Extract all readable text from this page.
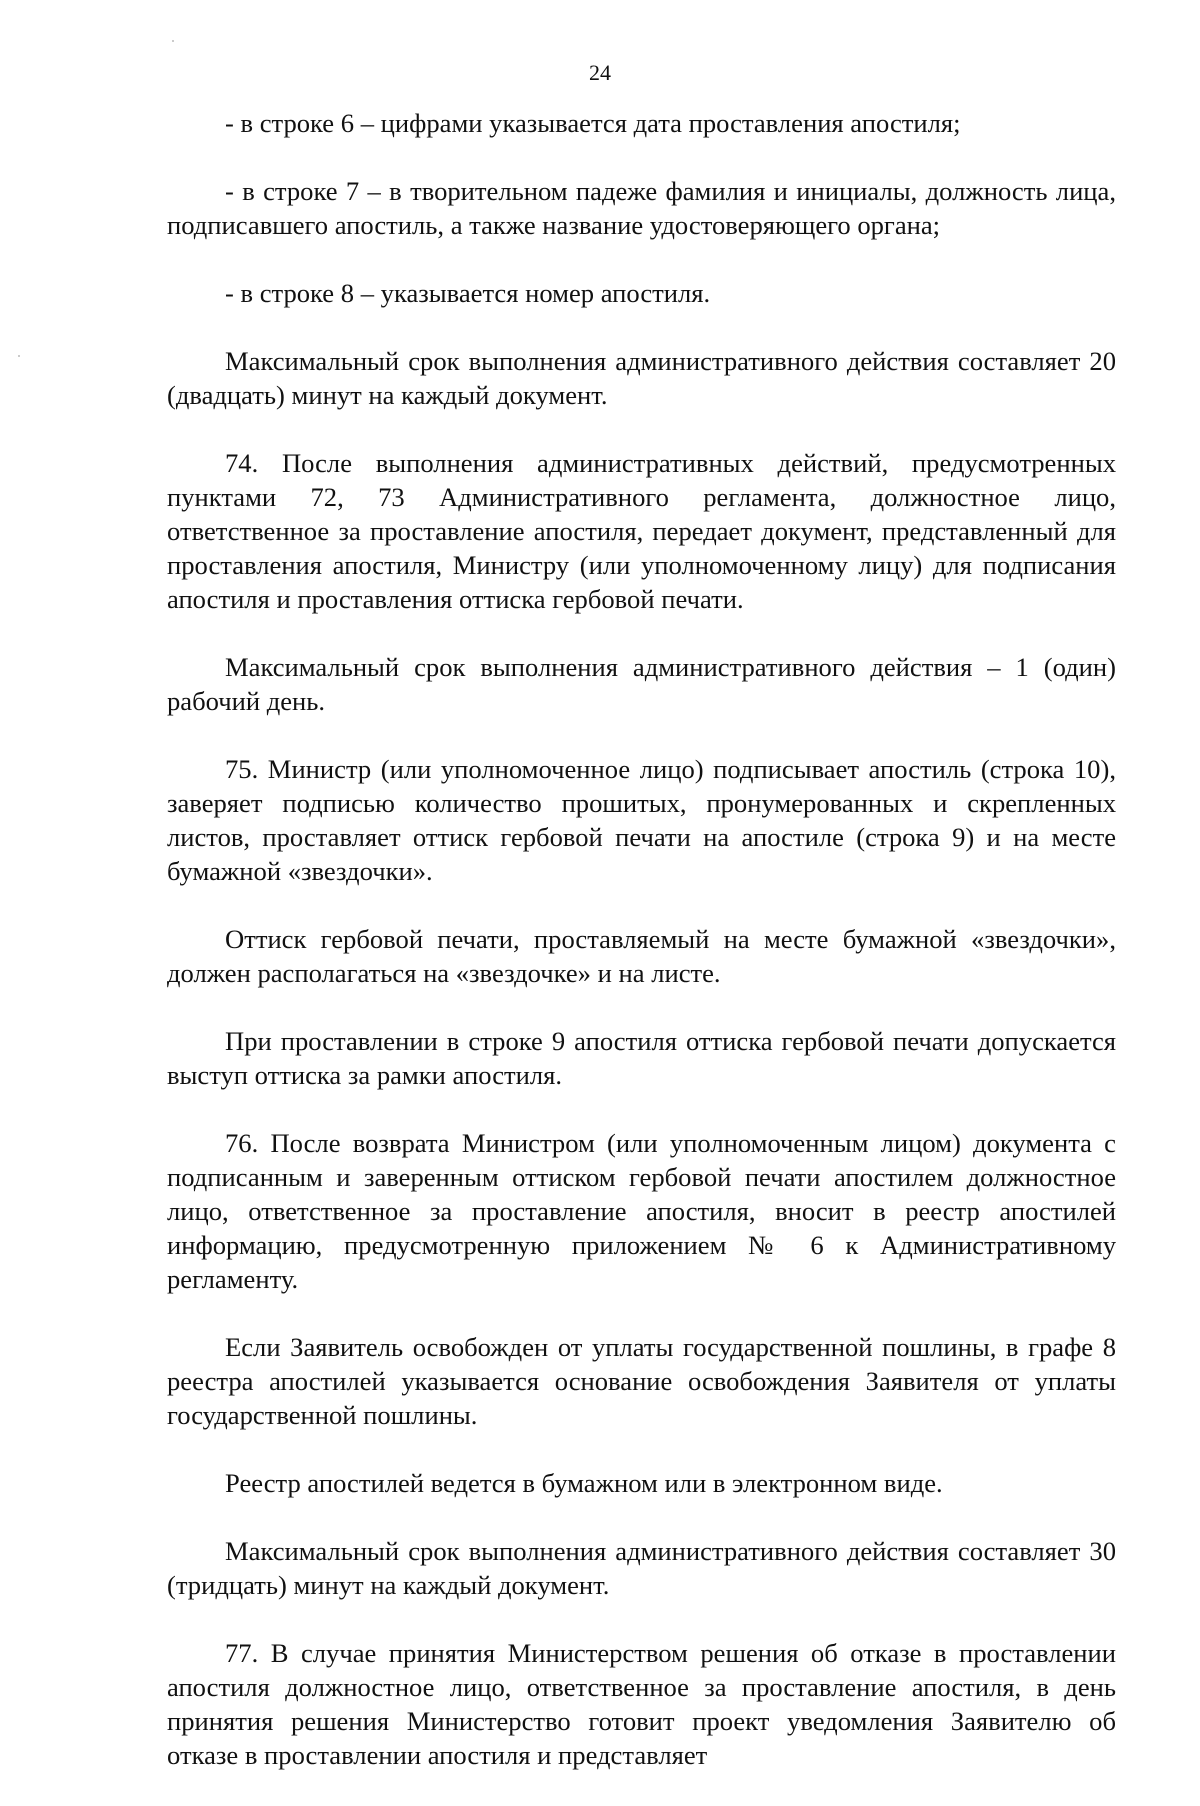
24

- в строке 6 – цифрами указывается дата проставления апостиля;

- в строке 7 – в творительном падеже фамилия и инициалы, должность лица, подписавшего апостиль, а также название удостоверяющего органа;

- в строке 8 – указывается номер апостиля.

Максимальный срок выполнения административного действия составляет 20 (двадцать) минут на каждый документ.

74. После выполнения административных действий, предусмотренных пунктами 72, 73 Административного регламента, должностное лицо, ответственное за проставление апостиля, передает документ, представленный для проставления апостиля, Министру (или уполномоченному лицу) для подписания апостиля и проставления оттиска гербовой печати.

Максимальный срок выполнения административного действия – 1 (один) рабочий день.

75. Министр (или уполномоченное лицо) подписывает апостиль (строка 10), заверяет подписью количество прошитых, пронумерованных и скрепленных листов, проставляет оттиск гербовой печати на апостиле (строка 9) и на месте бумажной «звездочки».

Оттиск гербовой печати, проставляемый на месте бумажной «звездочки», должен располагаться на «звездочке» и на листе.

При проставлении в строке 9 апостиля оттиска гербовой печати допускается выступ оттиска за рамки апостиля.

76. После возврата Министром (или уполномоченным лицом) документа с подписанным и заверенным оттиском гербовой печати апостилем должностное лицо, ответственное за проставление апостиля, вносит в реестр апостилей информацию, предусмотренную приложением № 6 к Административному регламенту.

Если Заявитель освобожден от уплаты государственной пошлины, в графе 8 реестра апостилей указывается основание освобождения Заявителя от уплаты государственной пошлины.

Реестр апостилей ведется в бумажном или в электронном виде.

Максимальный срок выполнения административного действия составляет 30 (тридцать) минут на каждый документ.

77. В случае принятия Министерством решения об отказе в проставлении апостиля должностное лицо, ответственное за проставление апостиля, в день принятия решения Министерство готовит проект уведомления Заявителю об отказе в проставлении апостиля и представляет
